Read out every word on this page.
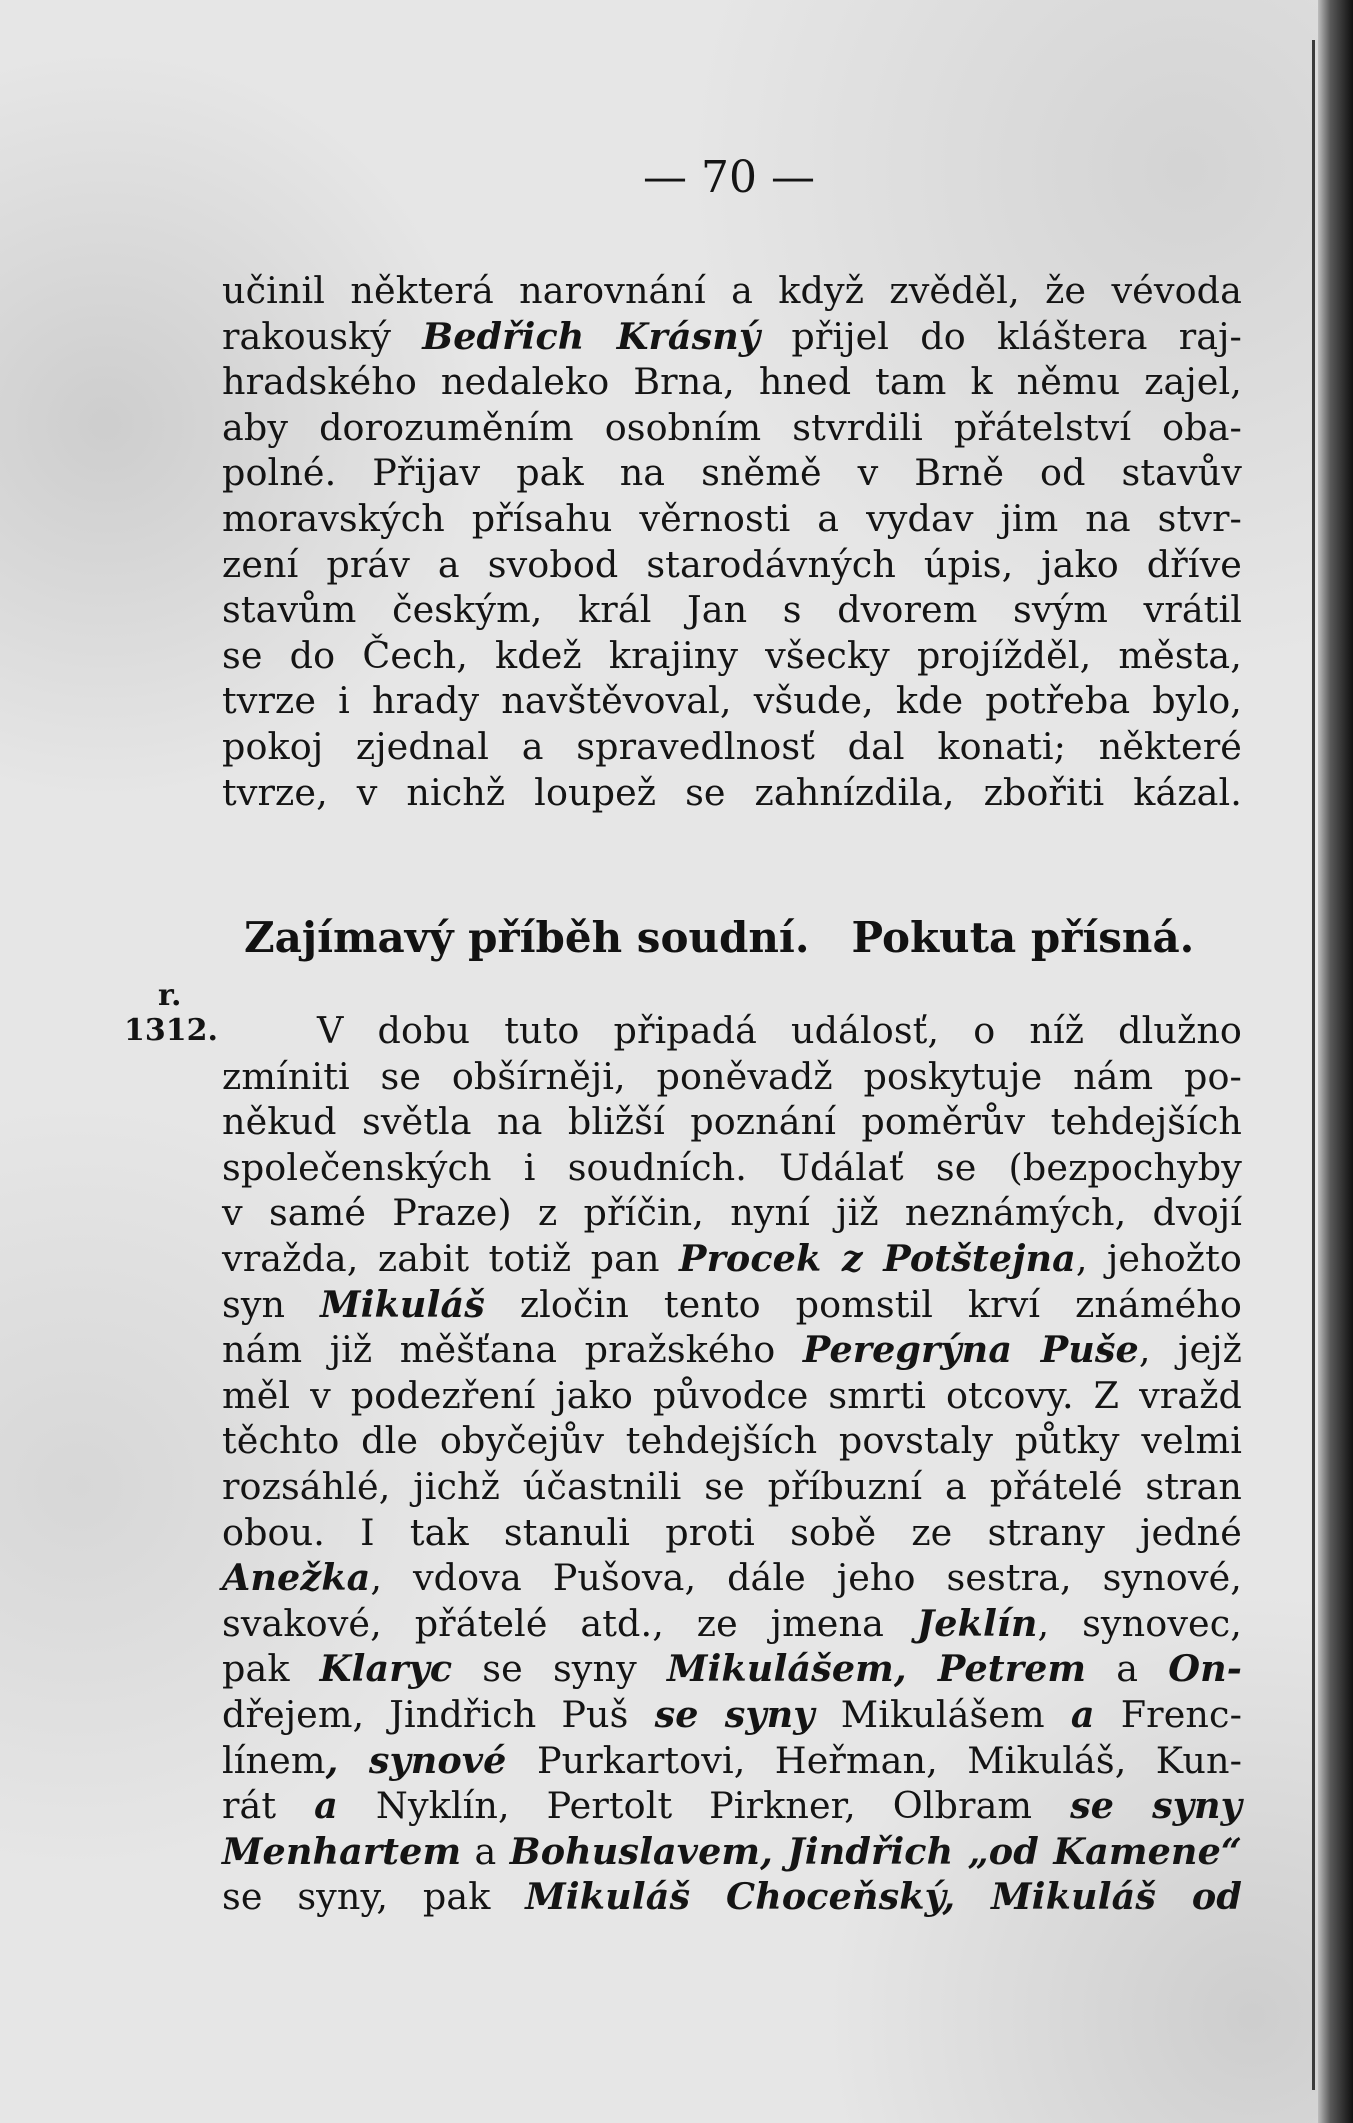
— 70 —
učinil některá narovnání a když zvěděl, že vévoda
rakouský Bedřich Krásný přijel do kláštera raj-
hradského nedaleko Brna, hned tam k němu zajel,
aby dorozuměním osobním stvrdili přátelství oba-
polné. Přijav pak na sněmě v Brně od stavův
moravských přísahu věrnosti a vydav jim na stvr-
zení práv a svobod starodávných úpis, jako dříve
stavům českým, král Jan s dvorem svým vrátil
se do Čech, kdež krajiny všecky projížděl, města,
tvrze i hrady navštěvoval, všude, kde potřeba bylo,
pokoj zjednal a spravedlnosť dal konati; některé
tvrze, v nichž loupež se zahnízdila, zbořiti kázal.
Zajímavý příběh soudní. Pokuta přísná.
r.
1312.	V dobu tuto připadá událosť, o níž dlužno
zmíniti se obšírněji, poněvadž poskytuje nám po-
někud světla na bližší poznání poměrův tehdejších
společenských i soudních. Událať se (bezpochyby
v samé Praze) z příčin, nyní již neznámých, dvojí
vražda, zabit totiž pan Procek z Potštejna, jehožto
syn Mikuláš zločin tento pomstil krví známého
nám již měšťana pražského Peregrýna Puše, jejž
měl v podezření jako původce smrti otcovy. Z vražd
těchto dle obyčejův tehdejších povstaly půtky velmi
rozsáhlé, jichž účastnili se příbuzní a přátelé stran
obou. I tak stanuli proti sobě ze strany jedné
Anežka, vdova Pušova, dále jeho sestra, synové,
svakové, přátelé atd., ze jmena Jeklín, synovec,
pak Klaryc se syny Mikulášem, Petrem a On-
dřejem, Jindřich Puš se syny Mikulášem a Frenc-
línem, synové Purkartovi, Heřman, Mikuláš, Kun-
rát a Nyklín, Pertolt Pirkner, Olbram se syny
Menhartem a Bohuslavem, Jindřich „od Kamene“
se syny, pak Mikuláš Choceňský, Mikuláš od
